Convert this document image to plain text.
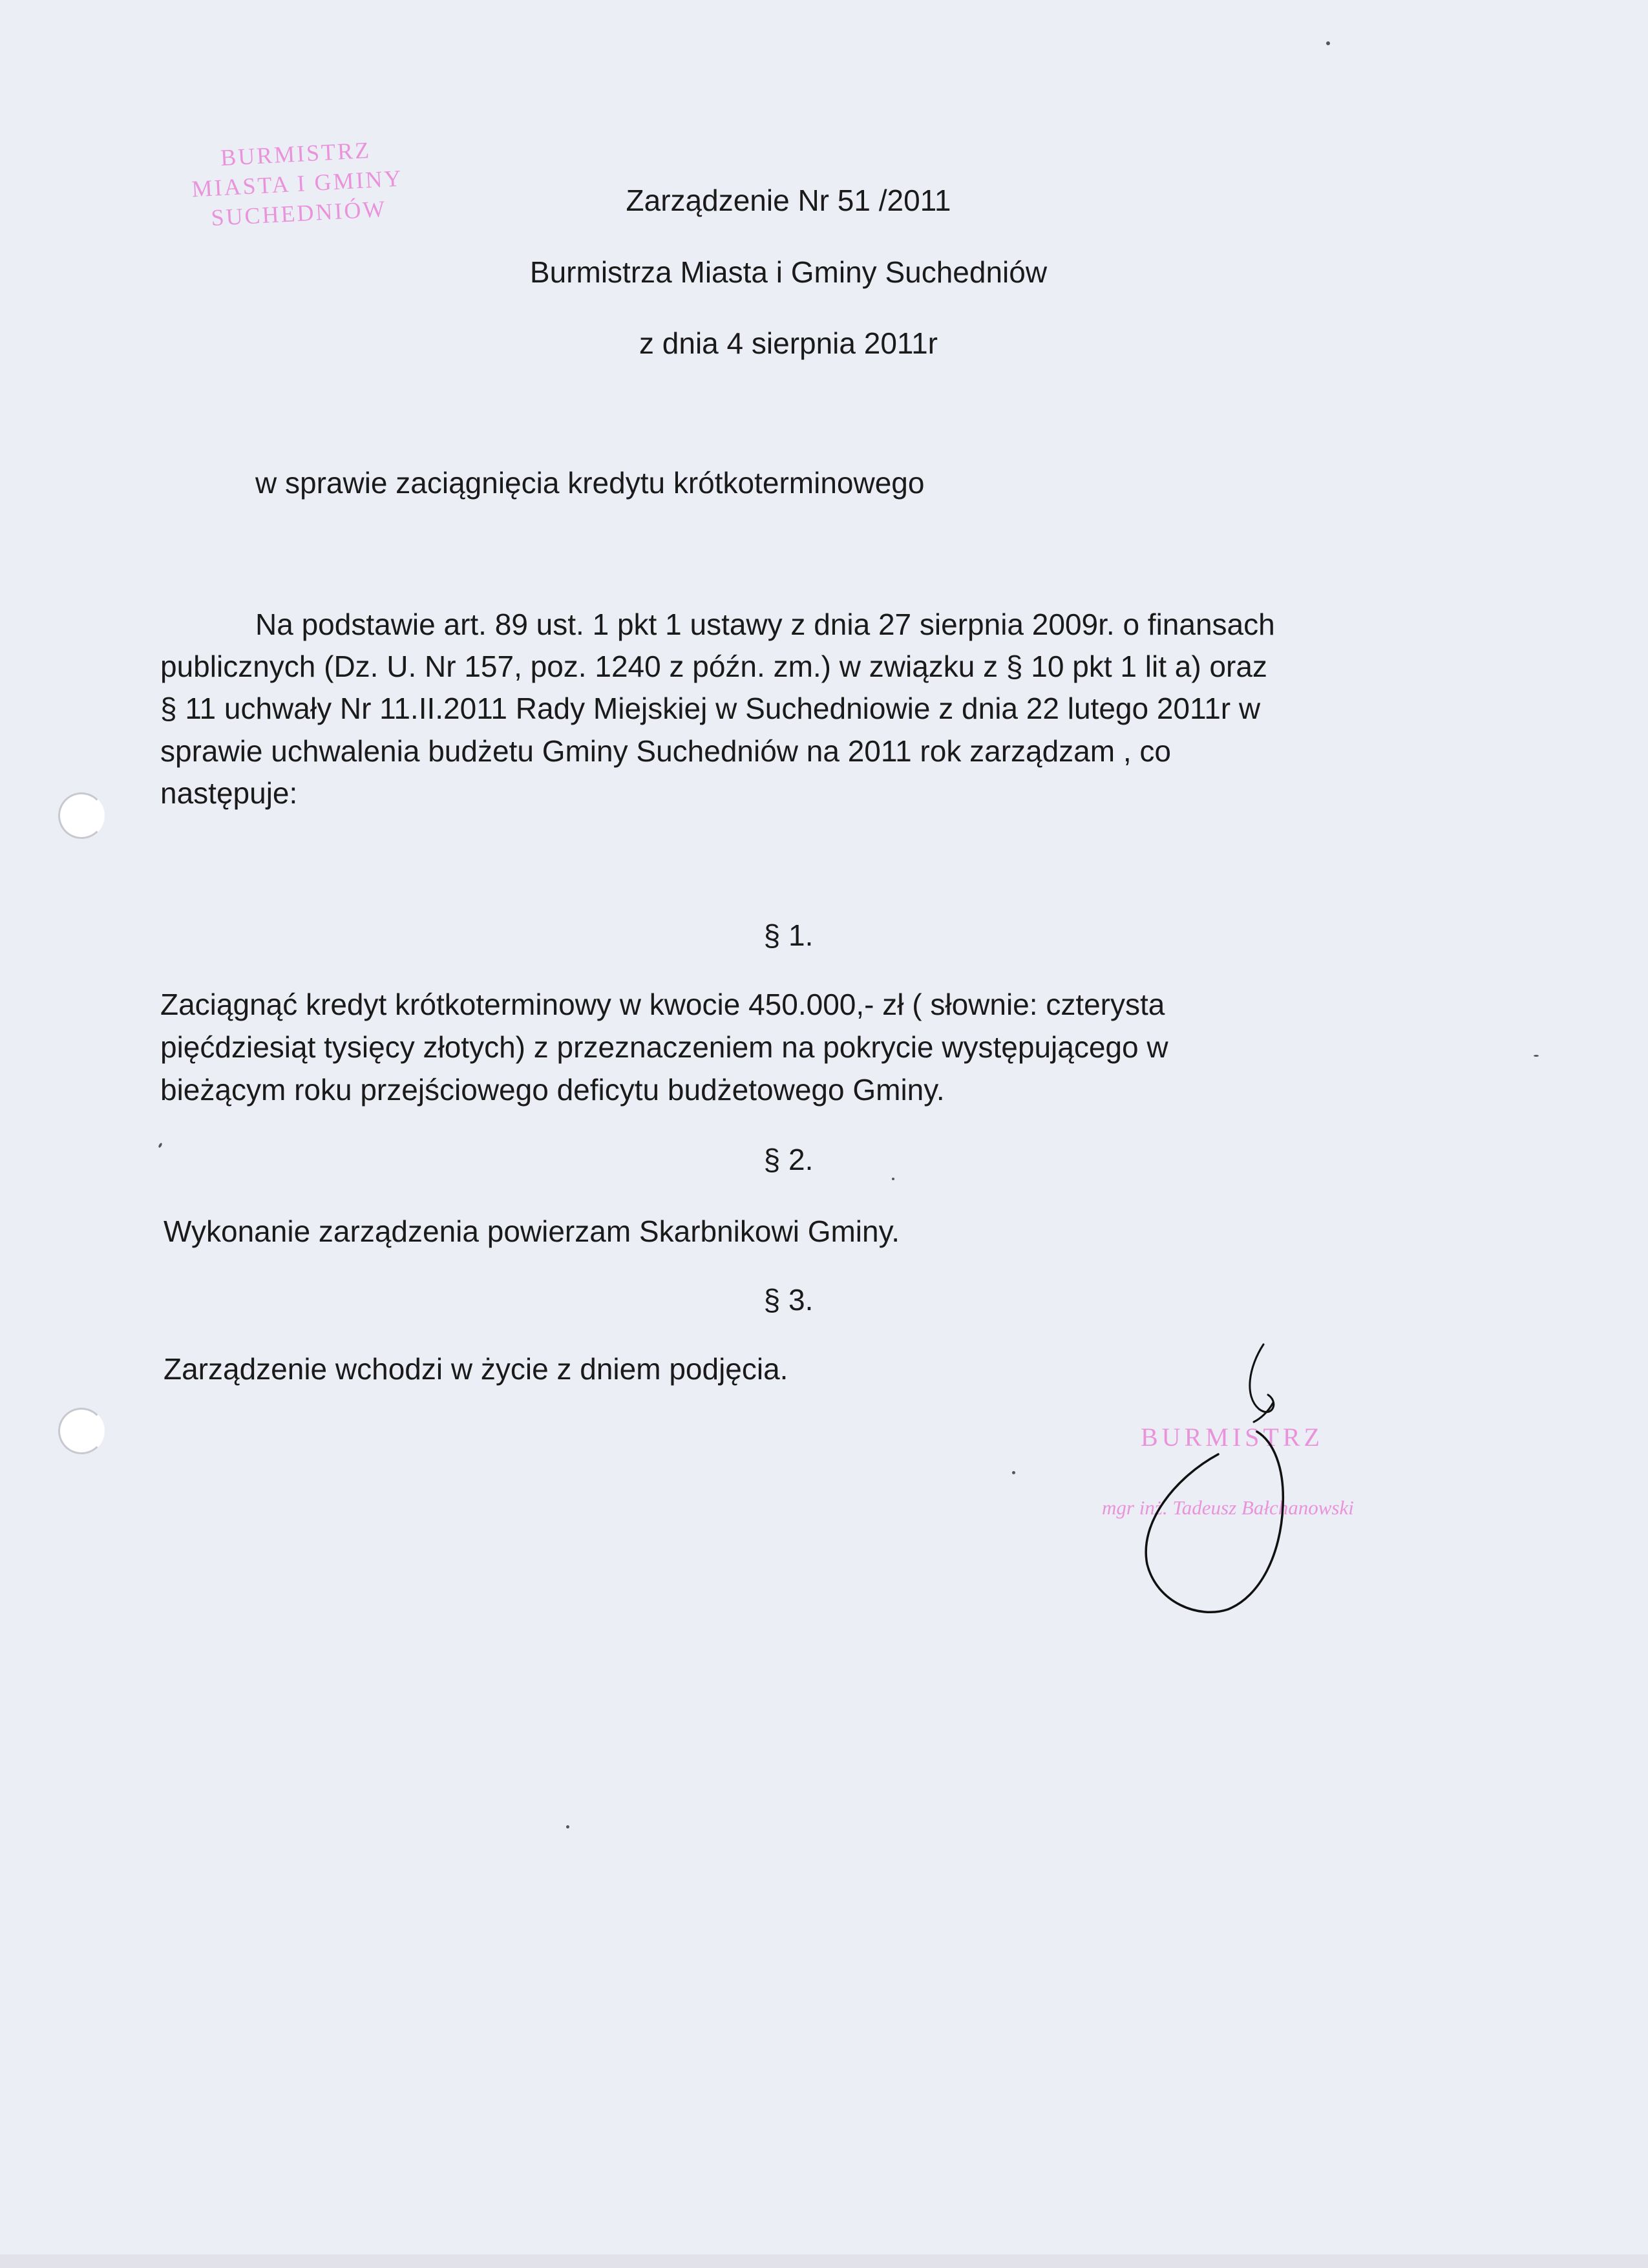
BURMISTRZ
MIASTA I GMINY
SUCHEDNIÓW	Zarządzenie Nr 51 /2011
Burmistrza Miasta i Gminy Suchedniów
z dnia 4 sierpnia 2011r
w sprawie zaciągnięcia kredytu krótkoterminowego
Na podstawie art. 89 ust. 1 pkt 1 ustawy z dnia 27 sierpnia 2009r. o finansach
publicznych (Dz. U. Nr 157, poz. 1240 z późn. zm.) w związku z § 10 pkt 1 lit a) oraz
§ 11 uchwały Nr 11.II.2011 Rady Miejskiej w Suchedniowie z dnia 22 lutego 2011r w
sprawie uchwalenia budżetu Gminy Suchedniów na 2011 rok zarządzam , co
następuje:
§ 1.
Zaciągnąć kredyt krótkoterminowy w kwocie 450.000,- zł ( słownie: czterysta
pięćdziesiąt tysięcy złotych) z przeznaczeniem na pokrycie występującego w
bieżącym roku przejściowego deficytu budżetowego Gminy.
§ 2.
Wykonanie zarządzenia powierzam Skarbnikowi Gminy.
§ 3.
Zarządzenie wchodzi w życie z dniem podjęcia.
BURMISTRZ
mgr inż. Tadeusz Bałchanowski
